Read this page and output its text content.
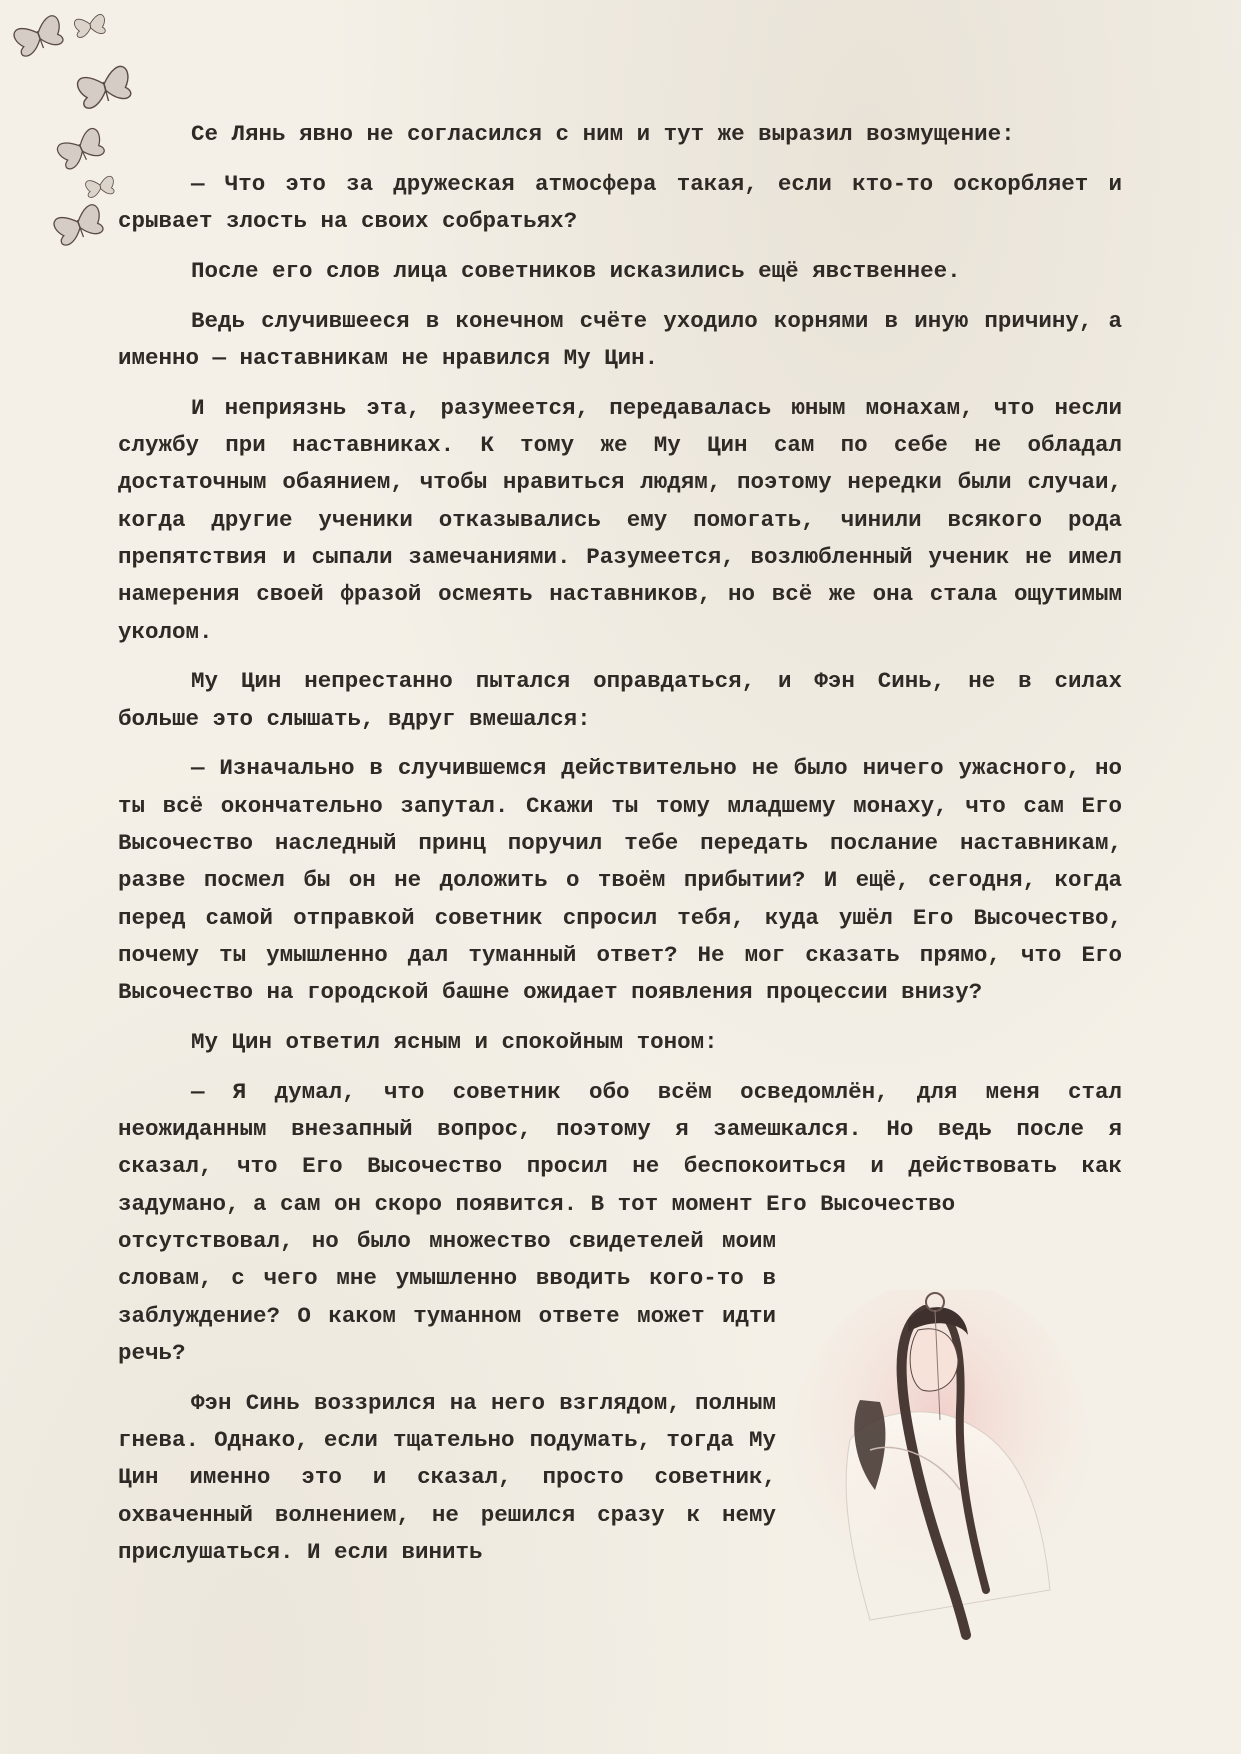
Се Лянь явно не согласился с ним и тут же выразил возмущение:

— Что это за дружеская атмосфера такая, если кто-то оскорбляет и срывает злость на своих собратьях?

После его слов лица советников исказились ещё явственнее.

Ведь случившееся в конечном счёте уходило корнями в иную причину, а именно — наставникам не нравился Му Цин.

И неприязнь эта, разумеется, передавалась юным монахам, что несли службу при наставниках. К тому же Му Цин сам по себе не обладал достаточным обаянием, чтобы нравиться людям, поэтому нередки были случаи, когда другие ученики отказывались ему помогать, чинили всякого рода препятствия и сыпали замечаниями. Разумеется, возлюбленный ученик не имел намерения своей фразой осмеять наставников, но всё же она стала ощутимым уколом.

Му Цин непрестанно пытался оправдаться, и Фэн Синь, не в силах больше это слышать, вдруг вмешался:

— Изначально в случившемся действительно не было ничего ужасного, но ты всё окончательно запутал. Скажи ты тому младшему монаху, что сам Его Высочество наследный принц поручил тебе передать послание наставникам, разве посмел бы он не доложить о твоём прибытии? И ещё, сегодня, когда перед самой отправкой советник спросил тебя, куда ушёл Его Высочество, почему ты умышленно дал туманный ответ? Не мог сказать прямо, что Его Высочество на городской башне ожидает появления процессии внизу?

Му Цин ответил ясным и спокойным тоном:

— Я думал, что советник обо всём осведомлён, для меня стал неожиданным внезапный вопрос, поэтому я замешкался. Но ведь после я сказал, что Его Высочество просил не беспокоиться и действовать как задумано, а сам он скоро появится. В тот момент Его Высочество

отсутствовал, но было множество свидетелей моим словам, с чего мне умышленно вводить кого-то в заблуждение? О каком туманном ответе может идти речь?

Фэн Синь воззрился на него взглядом, полным гнева. Однако, если тщательно подумать, тогда Му Цин именно это и сказал, просто советник, охваченный волнением, не решился сразу к нему прислушаться. И если винить
